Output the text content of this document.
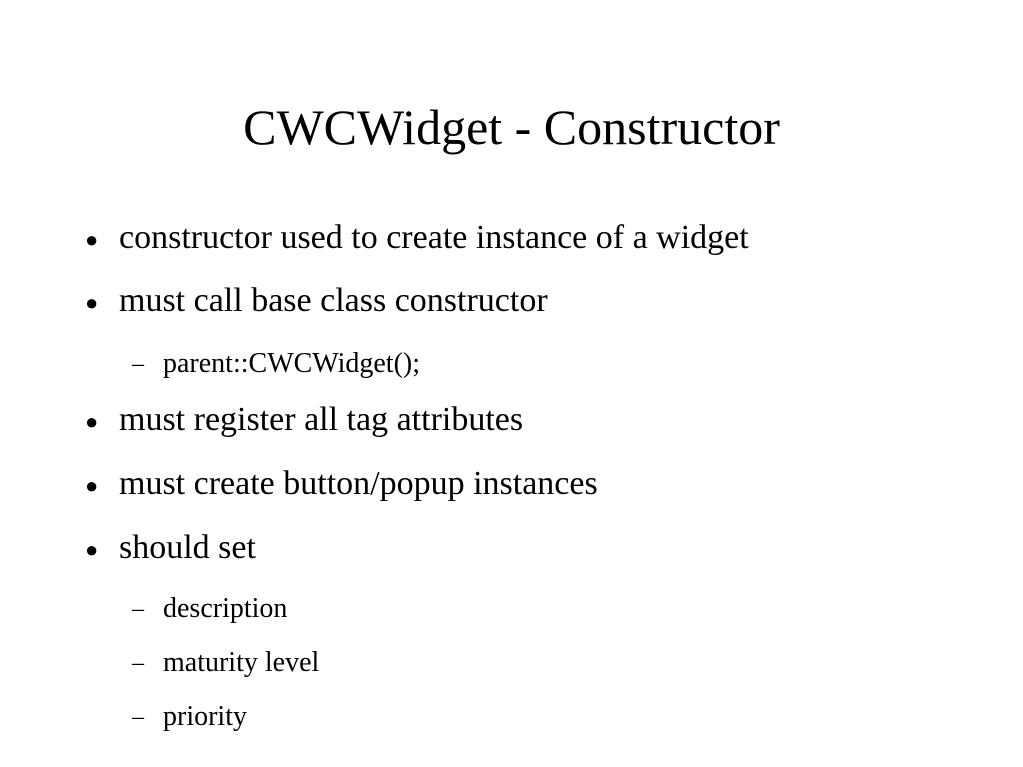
CWCWidget - Constructor
● constructor used to create instance of a widget
● must call base class constructor
– parent::CWCWidget();
● must register all tag attributes
● must create button/popup instances
● should set
– description
– maturity level
– priority
